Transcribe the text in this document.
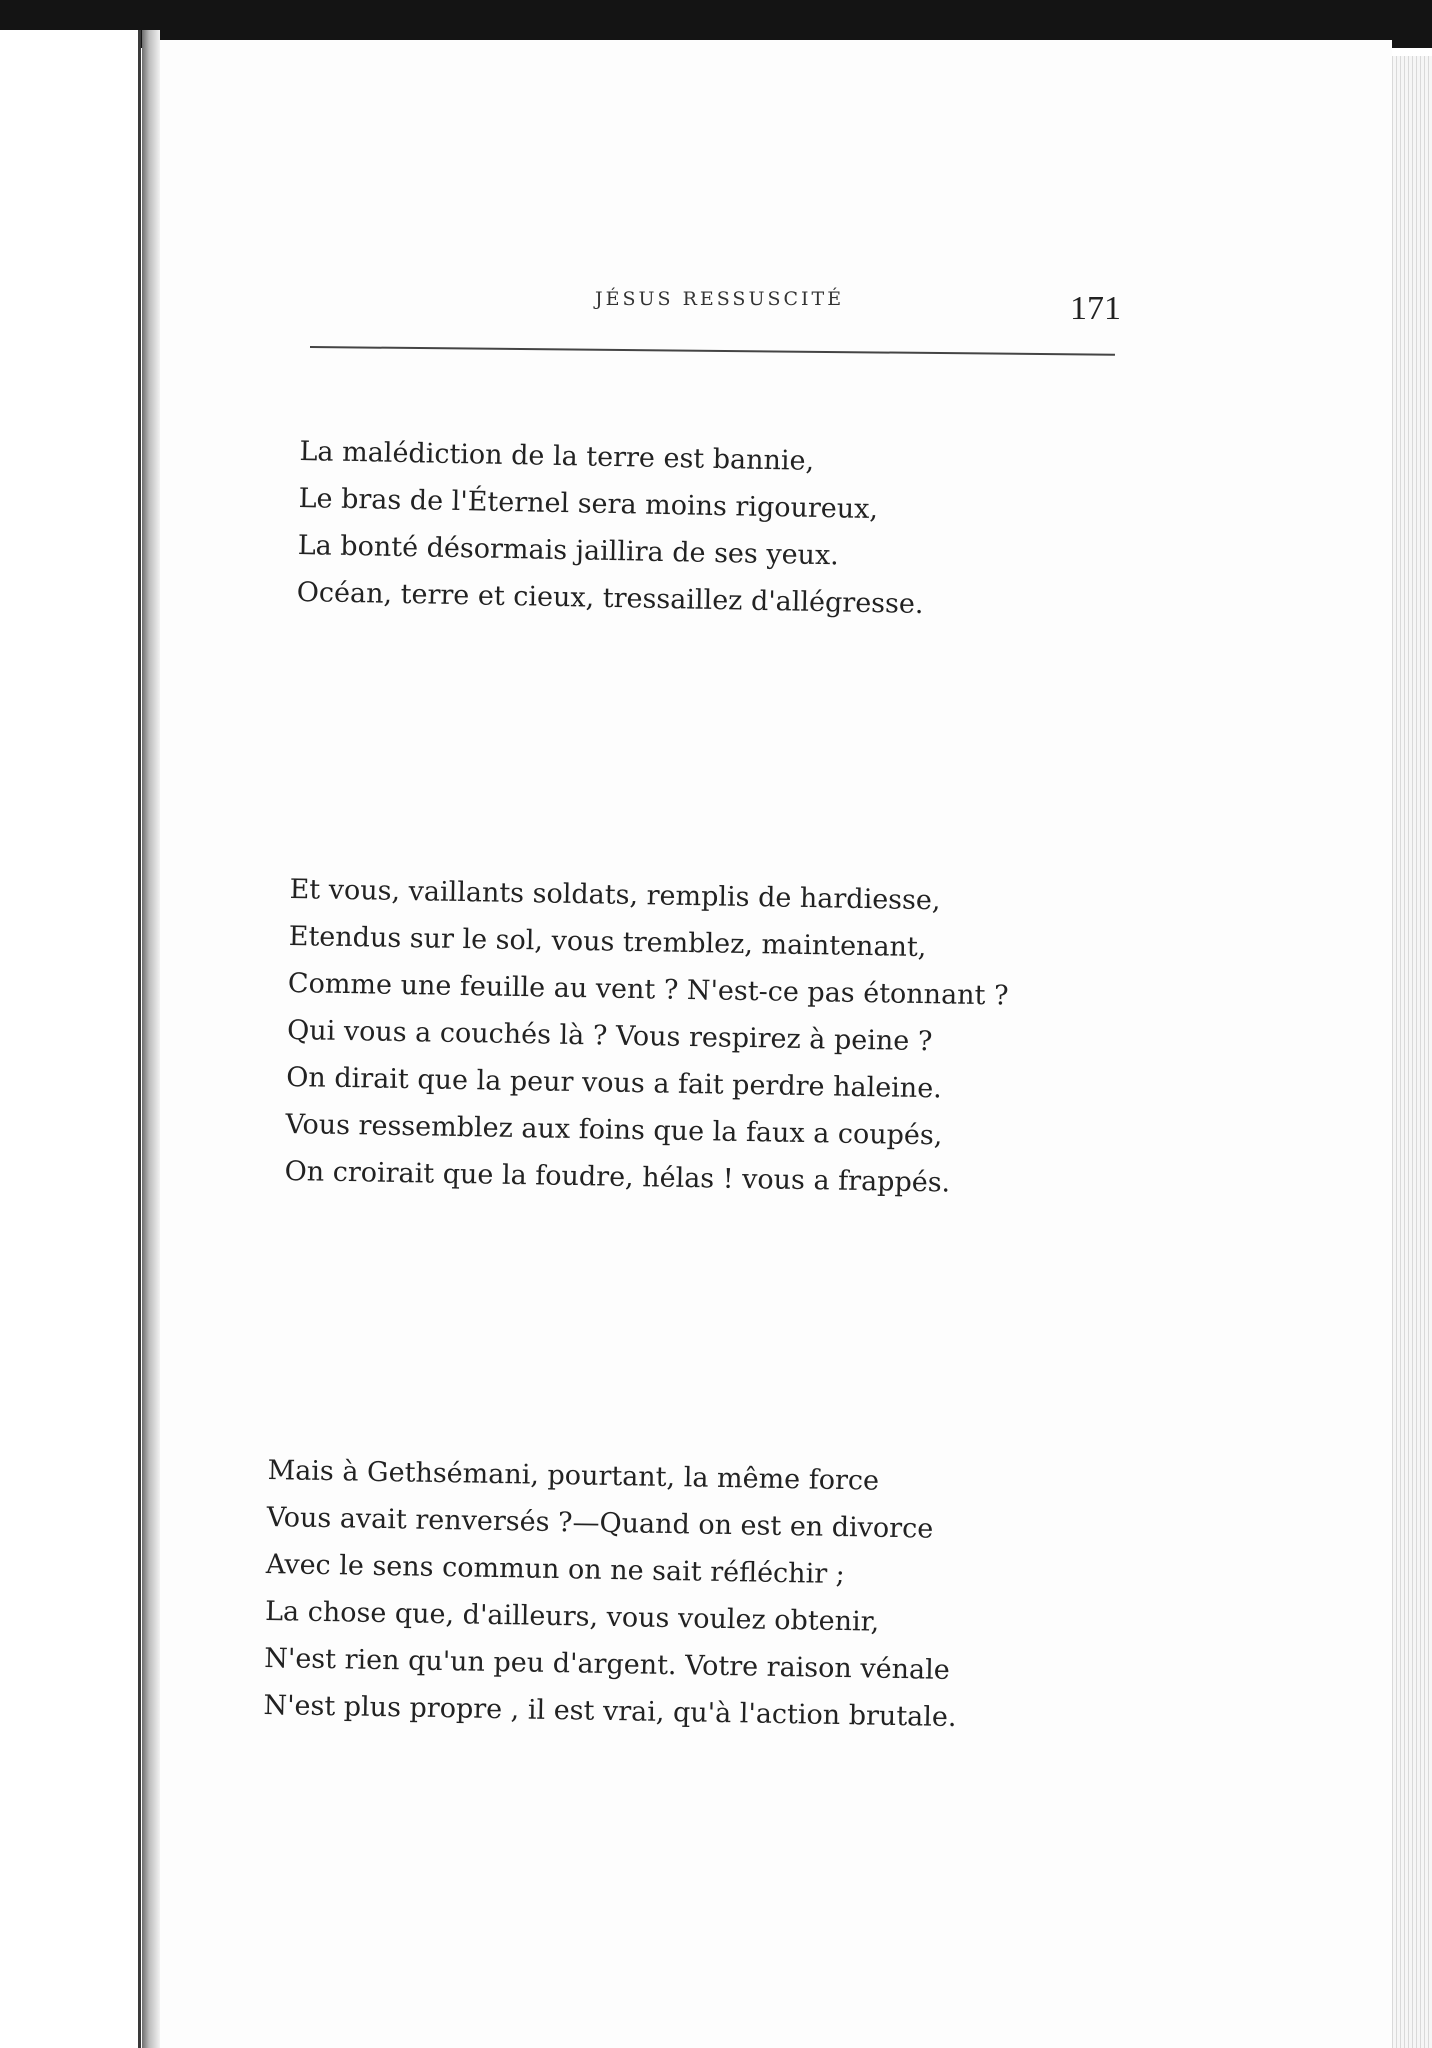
JÉSUS RESSUSCITÉ	171
La malédiction de la terre est bannie,
Le bras de l'Éternel sera moins rigoureux,
La bonté désormais jaillira de ses yeux.
Océan, terre et cieux, tressaillez d'allégresse.
Et vous, vaillants soldats, remplis de hardiesse,
Etendus sur le sol, vous tremblez, maintenant,
Comme une feuille au vent ? N'est-ce pas étonnant ?
Qui vous a couchés là ? Vous respirez à peine ?
On dirait que la peur vous a fait perdre haleine.
Vous ressemblez aux foins que la faux a coupés,
On croirait que la foudre, hélas ! vous a frappés.
Mais à Gethsémani, pourtant, la même force
Vous avait renversés ?—Quand on est en divorce
Avec le sens commun on ne sait réfléchir ;
La chose que, d'ailleurs, vous voulez obtenir,
N'est rien qu'un peu d'argent. Votre raison vénale
N'est plus propre , il est vrai, qu'à l'action brutale.
